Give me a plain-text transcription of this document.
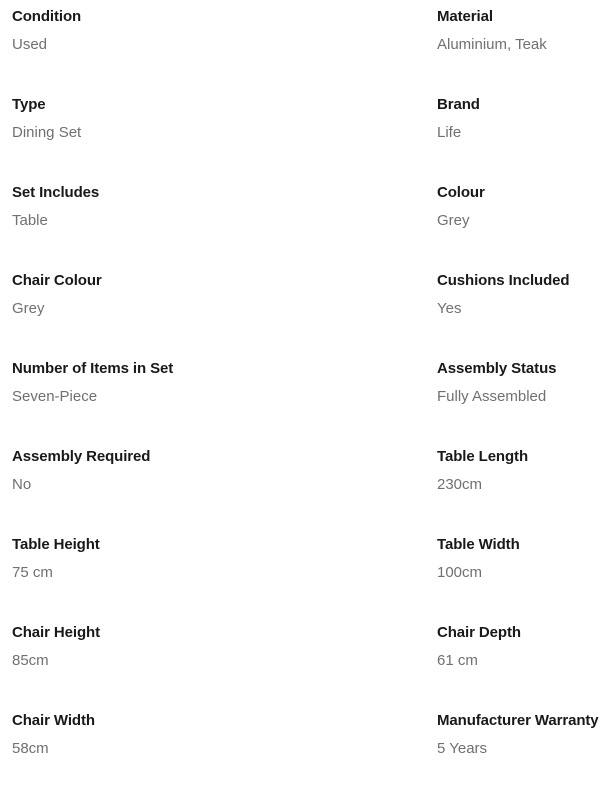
Condition
Used
Material
Aluminium, Teak
Type
Dining Set
Brand
Life
Set Includes
Table
Colour
Grey
Chair Colour
Grey
Cushions Included
Yes
Number of Items in Set
Seven-Piece
Assembly Status
Fully Assembled
Assembly Required
No
Table Length
230cm
Table Height
75 cm
Table Width
100cm
Chair Height
85cm
Chair Depth
61 cm
Chair Width
58cm
Manufacturer Warranty
5 Years
